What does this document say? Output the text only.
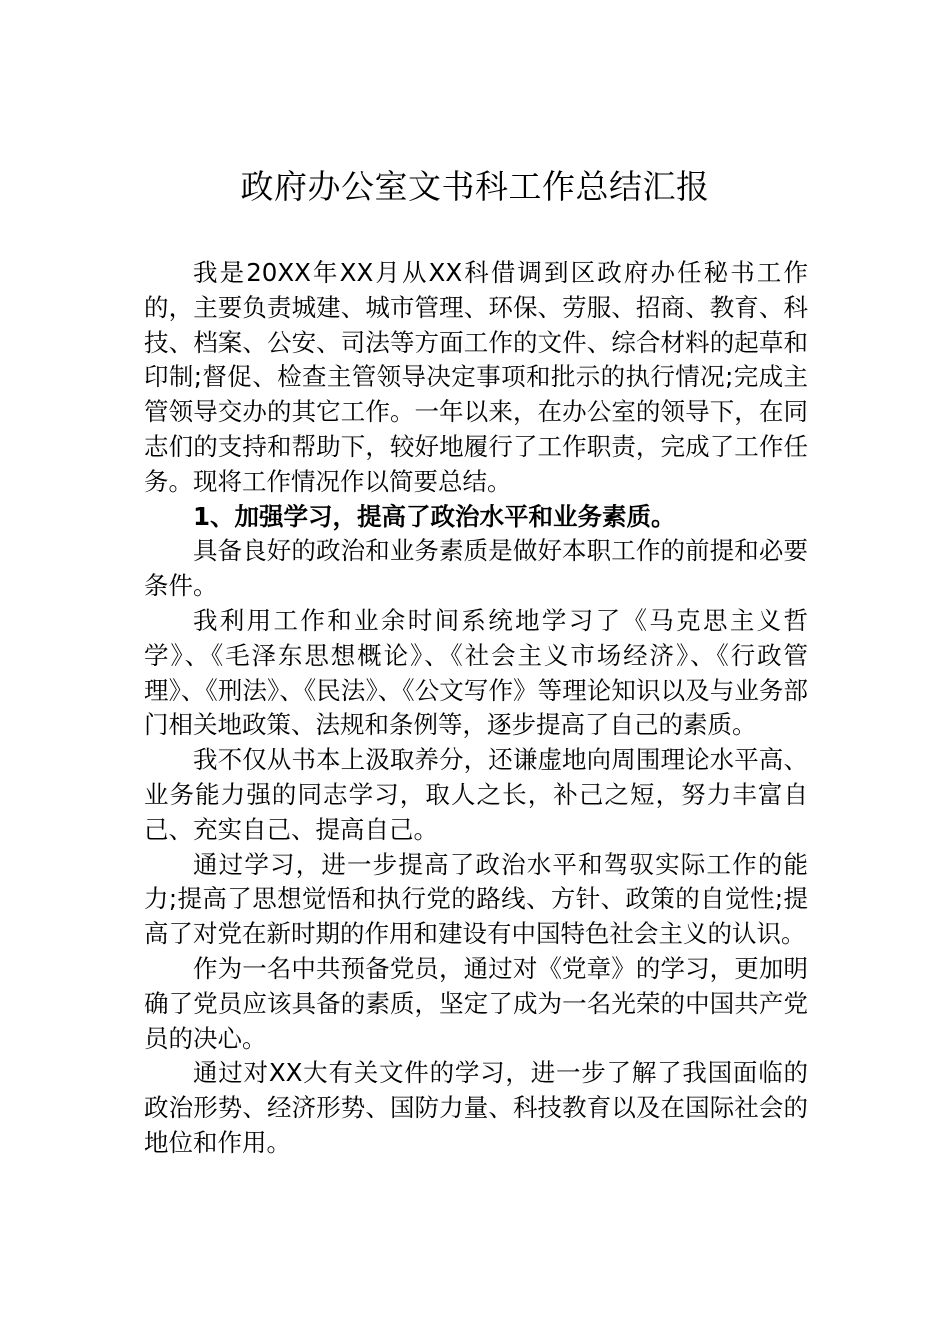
政府办公室文书科工作总结汇报

我是20XX年XX月从XX科借调到区政府办任秘书工作的，主要负责城建、城市管理、环保、劳服、招商、教育、科技、档案、公安、司法等方面工作的文件、综合材料的起草和印制;督促、检查主管领导决定事项和批示的执行情况;完成主管领导交办的其它工作。一年以来，在办公室的领导下，在同志们的支持和帮助下，较好地履行了工作职责，完成了工作任务。现将工作情况作以简要总结。

1、加强学习，提高了政治水平和业务素质。

具备良好的政治和业务素质是做好本职工作的前提和必要条件。

我利用工作和业余时间系统地学习了《马克思主义哲学》、《毛泽东思想概论》、《社会主义市场经济》、《行政管理》、《刑法》、《民法》、《公文写作》等理论知识以及与业务部门相关地政策、法规和条例等，逐步提高了自己的素质。

我不仅从书本上汲取养分，还谦虚地向周围理论水平高、业务能力强的同志学习，取人之长，补己之短，努力丰富自己、充实自己、提高自己。

通过学习，进一步提高了政治水平和驾驭实际工作的能力;提高了思想觉悟和执行党的路线、方针、政策的自觉性;提高了对党在新时期的作用和建设有中国特色社会主义的认识。

作为一名中共预备党员，通过对《党章》的学习，更加明确了党员应该具备的素质，坚定了成为一名光荣的中国共产党员的决心。

通过对XX大有关文件的学习，进一步了解了我国面临的政治形势、经济形势、国防力量、科技教育以及在国际社会的地位和作用。
